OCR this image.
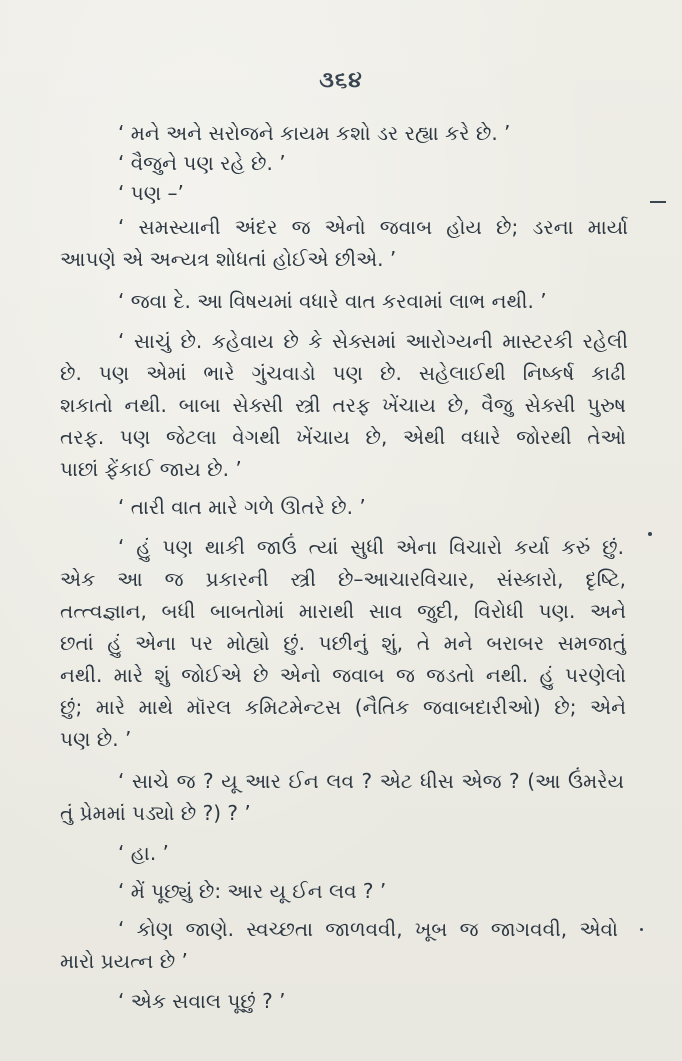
૩૬૪
‘ મને અને સરોજને કાયમ કશો ડર રહ્યા કરે છે. ’
‘ વૈજુને પણ રહે છે. ’
‘ પણ –’
‘ સમસ્યાની અંદર જ એનો જવાબ હોય છે; ડરના માર્યા
આપણે એ અન્યત્ર શોધતાં હોઈએ છીએ. ’
‘ જવા દે. આ વિષયમાં વધારે વાત કરવામાં લાભ નથી. ’
‘ સાચું છે. કહેવાય છે કે સેક્સમાં આરોગ્યની માસ્ટરકી રહેલી
છે. પણ એમાં ભારે ગુંચવાડો પણ છે. સહેલાઈથી નિષ્કર્ષ કાઢી
શકાતો નથી. બાબા સેક્સી સ્ત્રી તરફ ખેંચાય છે, વૈજુ સેક્સી પુરુષ
તરફ. પણ જેટલા વેગથી ખેંચાય છે, એથી વધારે જોરથી તેઓ
પાછાં ફેંકાઈ જાય છે. ’
‘ તારી વાત મારે ગળે ઊતરે છે. ’
‘ હું પણ થાકી જાઉં ત્યાં સુધી એના વિચારો કર્યા કરું છું.
એક આ જ પ્રકારની સ્ત્રી છે–આચારવિચાર, સંસ્કારો, દૃષ્ટિ,
તત્ત્વજ્ઞાન, બધી બાબતોમાં મારાથી સાવ જુદી, વિરોધી પણ. અને
છતાં હું એના પર મોહ્યો છું. પછીનું શું, તે મને બરાબર સમજાતું
નથી. મારે શું જોઈએ છે એનો જવાબ જ જડતો નથી. હું પરણેલો
છું; મારે માથે મૉરલ કમિટમેન્ટસ (નૈતિક જવાબદારીઓ) છે; એને
પણ છે. ’
‘ સાચે જ ? યૂ આર ઈન લવ ? એટ ધીસ એજ ? (આ ઉંમરેય
તું પ્રેમમાં પડ્યો છે ?) ? ’
‘ હા. ’
‘ મેં પૂછ્યું છે: આર યૂ ઈન લવ ? ’
‘ કોણ જાણે. સ્વચ્છતા જાળવવી, ખૂબ જ જાગવવી, એવો
મારો પ્રયત્ન છે ’
‘ એક સવાલ પૂછું ? ’
